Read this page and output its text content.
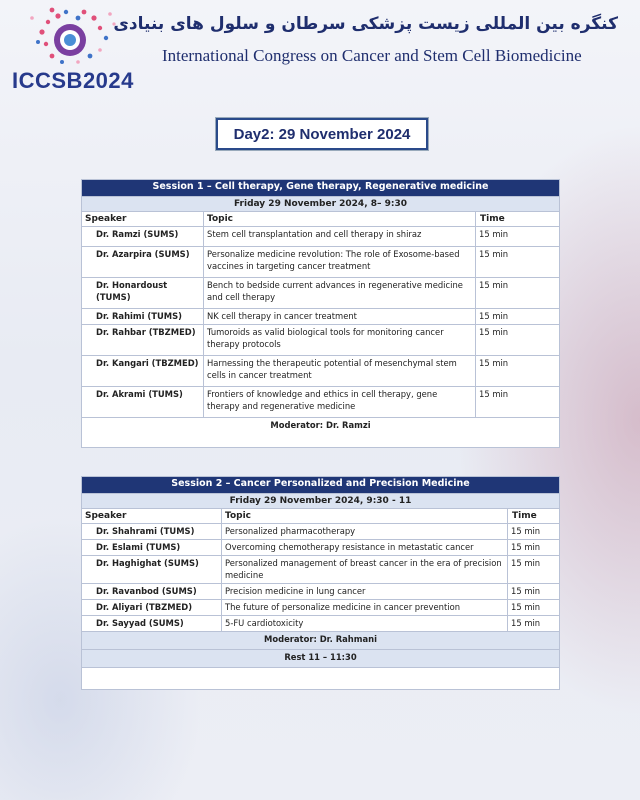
ICCSB2024
کنگره بین المللی زیست پزشکی سرطان و سلول های بنیادی
International Congress on Cancer and Stem Cell Biomedicine
Day2: 29 November 2024
Session 1 – Cell therapy, Gene therapy, Regenerative medicine		
Friday 29 November 2024, 8– 9:30		
Speaker	Topic	Time
Dr. Ramzi (SUMS)	Stem cell transplantation and cell therapy in shiraz	15 min
Dr. Azarpira (SUMS)	Personalize medicine revolution: The role of Exosome-based vaccines in targeting cancer treatment	15 min
Dr. Honardoust (TUMS)	Bench to bedside current advances in regenerative medicine and cell therapy	15 min
Dr. Rahimi (TUMS)	NK cell therapy in cancer treatment	15 min
Dr. Rahbar (TBZMED)	Tumoroids as valid biological tools for monitoring cancer therapy protocols	15 min
Dr. Kangari (TBZMED)	Harnessing the therapeutic potential of mesenchymal stem cells in cancer treatment	15 min
Dr. Akrami (TUMS)	Frontiers of knowledge and ethics in cell therapy, gene therapy and regenerative medicine	15 min
Moderator: Dr. Ramzi		
Session 2 – Cancer Personalized and Precision Medicine		
Friday 29 November 2024, 9:30 - 11		
Speaker	Topic	Time
Dr. Shahrami (TUMS)	Personalized pharmacotherapy	15 min
Dr. Eslami (TUMS)	Overcoming chemotherapy resistance in metastatic cancer	15 min
Dr. Haghighat (SUMS)	Personalized management of breast cancer in the era of precision medicine	15 min
Dr. Ravanbod (SUMS)	Precision medicine in lung cancer	15 min
Dr. Aliyari (TBZMED)	The future of personalize medicine in cancer prevention	15 min
Dr. Sayyad (SUMS)	5-FU cardiotoxicity	15 min
Moderator: Dr. Rahmani		
Rest 11 – 11:30		
